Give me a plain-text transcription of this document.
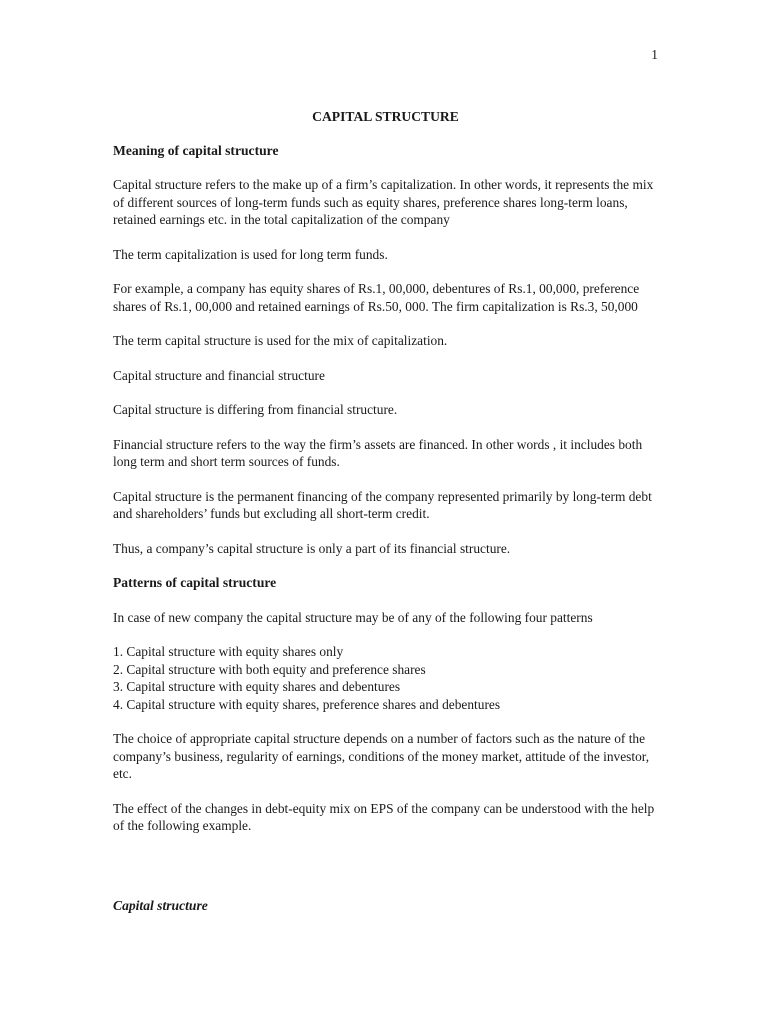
1
CAPITAL STRUCTURE
Meaning of capital structure

Capital structure refers to the make up of a firm’s capitalization. In other words, it represents the mix of different sources of long-term funds such as equity shares, preference shares long-term loans, retained earnings etc. in the total capitalization of the company

The term capitalization is used for long term funds.

For example, a company has equity shares of Rs.1, 00,000, debentures of Rs.1, 00,000, preference shares of Rs.1, 00,000 and retained earnings of Rs.50, 000. The firm capitalization is Rs.3, 50,000

The term capital structure is used for the mix of capitalization.

Capital structure and financial structure

Capital structure is differing from financial structure.

Financial structure refers to the way the firm’s assets are financed. In other words , it includes both long term and short term sources of funds.

Capital structure is the permanent financing of the company represented primarily by long-term debt and shareholders’ funds but excluding all short-term credit.

Thus, a company’s capital structure is only a part of its financial structure.

Patterns of capital structure

In case of new company the capital structure may be of any of the following four patterns

1. Capital structure with equity shares only
2. Capital structure with both equity and preference shares
3. Capital structure with equity shares and debentures
4. Capital structure with equity shares, preference shares and debentures

The choice of appropriate capital structure depends on a number of factors such as the nature of the company’s business, regularity of earnings, conditions of the money market, attitude of the investor, etc.

The effect of the changes in debt-equity mix on EPS of the company can be understood with the help of the following example.

Capital structure
